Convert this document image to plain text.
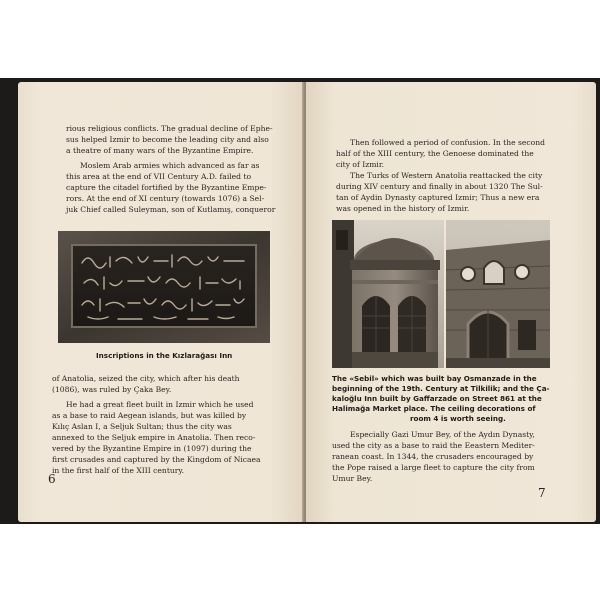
rious religious conflicts. The gradual decline of Ephe-
sus helped Izmir to become the leading city and also
a theatre of many wars of the Byzantine Empire.
Moslem Arab armies which advanced as far as
this area at the end of VII Century A.D. failed to
capture the citadel fortified by the Byzantine Empe-
rors. At the end of XI century (towards 1076) a Sel-
juk Chief called Suleyman, son of Kutlamış, conqueror
Inscriptions in the Kızlarağası Inn
of Anatolia, seized the city, which after his death
(1086), was ruled by Çaka Bey.
He had a great fleet built in Izmir which he used
as a base to raid Aegean islands, but was killed by
Kılıç Aslan I, a Seljuk Sultan; thus the city was
annexed to the Seljuk empire in Anatolia. Then reco-
vered by the Byzantine Empire in (1097) during the
first crusades and captured by the Kingdom of Nicaea
in the first half of the XIII century.
6
Then followed a period of confusion. In the second
half of the XIII century, the Genoese dominated the
city of Izmir.
The Turks of Western Anatolia reattacked the city
during XIV century and finally in about 1320 The Sul-
tan of Aydin Dynasty captured Izmir; Thus a new era
was opened in the history of Izmir.
The «Sebil» which was built bay Osmanzade in the
beginning of the 19th. Century at Tilkilik; and the Ça-
kaloğlu Inn built by Gaffarzade on Street 861 at the
Halimağa Market place. The ceiling decorations of
room 4 is worth seeing.
Especially Gazi Umur Bey, of the Aydın Dynasty,
used the city as a base to raid the Eeastern Mediter-
ranean coast. In 1344, the crusaders encouraged by
the Pope raised a large fleet to capture the city from
Umur Bey.
7
